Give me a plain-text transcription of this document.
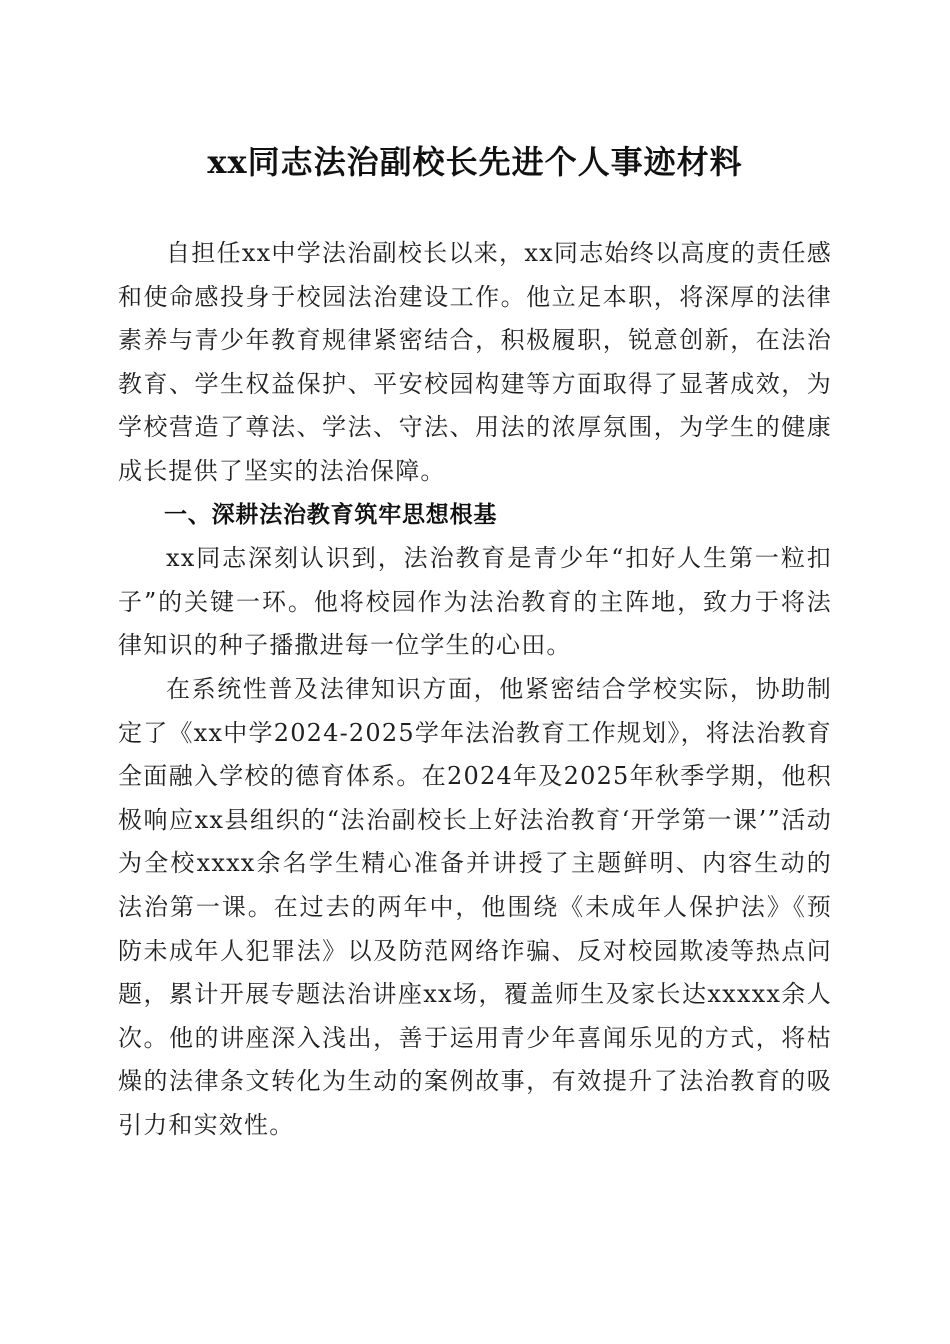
xx同志法治副校长先进个人事迹材料

自担任xx中学法治副校长以来，xx同志始终以高度的责任感和使命感投身于校园法治建设工作。他立足本职，将深厚的法律素养与青少年教育规律紧密结合，积极履职，锐意创新，在法治教育、学生权益保护、平安校园构建等方面取得了显著成效，为学校营造了尊法、学法、守法、用法的浓厚氛围，为学生的健康成长提供了坚实的法治保障。

一、深耕法治教育筑牢思想根基

xx同志深刻认识到，法治教育是青少年“扣好人生第一粒扣子”的关键一环。他将校园作为法治教育的主阵地，致力于将法律知识的种子播撒进每一位学生的心田。

在系统性普及法律知识方面，他紧密结合学校实际，协助制定了《xx中学2024-2025学年法治教育工作规划》，将法治教育全面融入学校的德育体系。在2024年及2025年秋季学期，他积极响应xx县组织的“法治副校长上好法治教育‘开学第一课’”活动为全校xxxx余名学生精心准备并讲授了主题鲜明、内容生动的法治第一课。在过去的两年中，他围绕《未成年人保护法》《预防未成年人犯罪法》以及防范网络诈骗、反对校园欺凌等热点问题，累计开展专题法治讲座xx场，覆盖师生及家长达xxxxx余人次。他的讲座深入浅出，善于运用青少年喜闻乐见的方式，将枯燥的法律条文转化为生动的案例故事，有效提升了法治教育的吸引力和实效性。
